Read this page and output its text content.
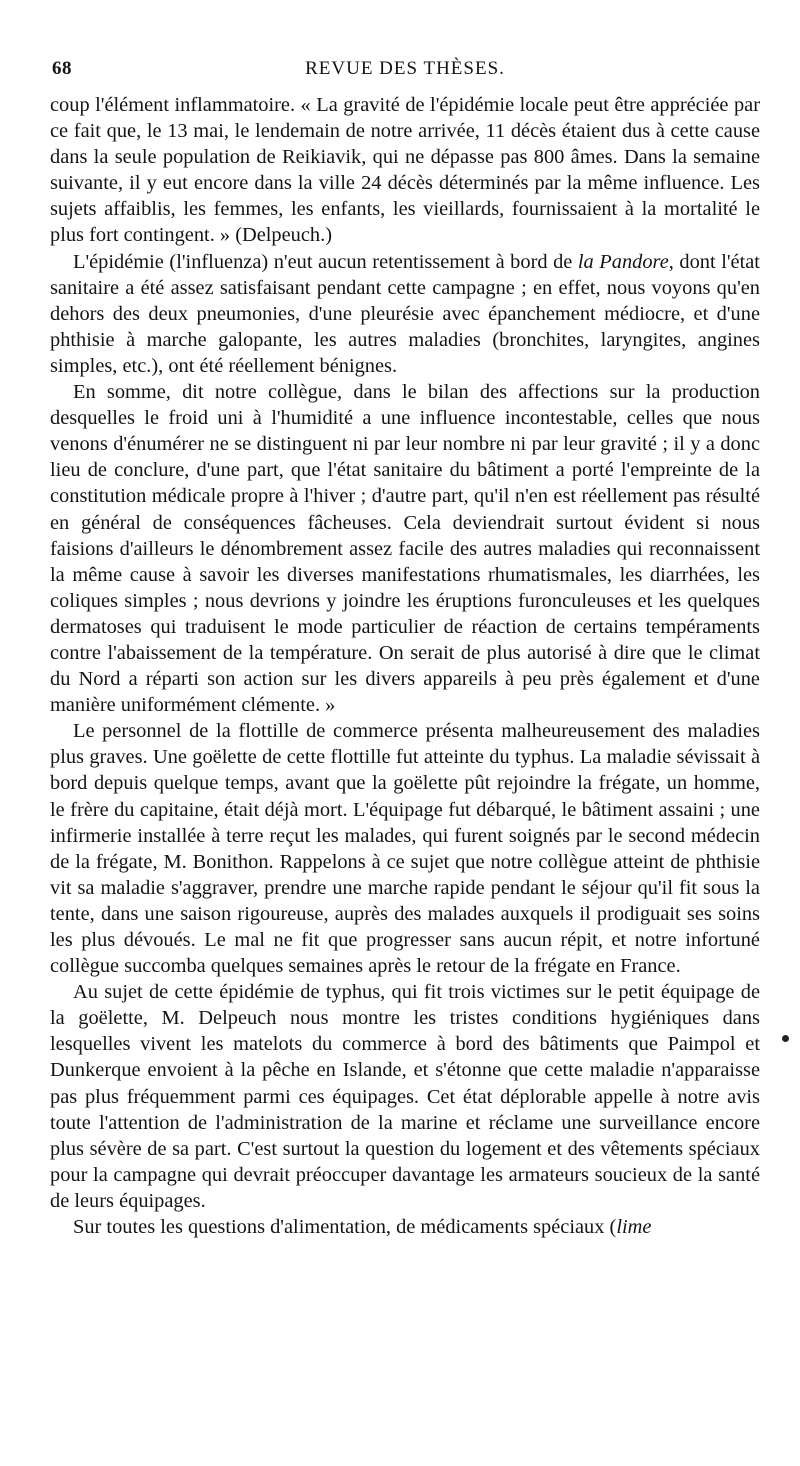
68	REVUE DES THÈSES.

coup l'élément inflammatoire. « La gravité de l'épidémie locale peut être appréciée par ce fait que, le 13 mai, le lendemain de notre arrivée, 11 décès étaient dus à cette cause dans la seule population de Reikiavik, qui ne dépasse pas 800 âmes. Dans la semaine suivante, il y eut encore dans la ville 24 décès déterminés par la même influence. Les sujets affaiblis, les femmes, les enfants, les vieillards, fournissaient à la mortalité le plus fort contingent. » (Delpeuch.)

L'épidémie (l'influenza) n'eut aucun retentissement à bord de la Pandore, dont l'état sanitaire a été assez satisfaisant pendant cette campagne ; en effet, nous voyons qu'en dehors des deux pneumonies, d'une pleurésie avec épanchement médiocre, et d'une phthisie à marche galopante, les autres maladies (bronchites, laryngites, angines simples, etc.), ont été réellement bénignes.

En somme, dit notre collègue, dans le bilan des affections sur la production desquelles le froid uni à l'humidité a une influence incontestable, celles que nous venons d'énumérer ne se distinguent ni par leur nombre ni par leur gravité ; il y a donc lieu de conclure, d'une part, que l'état sanitaire du bâtiment a porté l'empreinte de la constitution médicale propre à l'hiver ; d'autre part, qu'il n'en est réellement pas résulté en général de conséquences fâcheuses. Cela deviendrait surtout évident si nous faisions d'ailleurs le dénombrement assez facile des autres maladies qui reconnaissent la même cause à savoir les diverses manifestations rhumatismales, les diarrhées, les coliques simples ; nous devrions y joindre les éruptions furonculeuses et les quelques dermatoses qui traduisent le mode particulier de réaction de certains tempéraments contre l'abaissement de la température. On serait de plus autorisé à dire que le climat du Nord a réparti son action sur les divers appareils à peu près également et d'une manière uniformément clémente. »

Le personnel de la flottille de commerce présenta malheureusement des maladies plus graves. Une goëlette de cette flottille fut atteinte du typhus. La maladie sévissait à bord depuis quelque temps, avant que la goëlette pût rejoindre la frégate, un homme, le frère du capitaine, était déjà mort. L'équipage fut débarqué, le bâtiment assaini ; une infirmerie installée à terre reçut les malades, qui furent soignés par le second médecin de la frégate, M. Bonithon. Rappelons à ce sujet que notre collègue atteint de phthisie vit sa maladie s'aggraver, prendre une marche rapide pendant le séjour qu'il fit sous la tente, dans une saison rigoureuse, auprès des malades auxquels il prodiguait ses soins les plus dévoués. Le mal ne fit que progresser sans aucun répit, et notre infortuné collègue succomba quelques semaines après le retour de la frégate en France.

Au sujet de cette épidémie de typhus, qui fit trois victimes sur le petit équipage de la goëlette, M. Delpeuch nous montre les tristes conditions hygiéniques dans lesquelles vivent les matelots du commerce à bord des bâtiments que Paimpol et Dunkerque envoient à la pêche en Islande, et s'étonne que cette maladie n'apparaisse pas plus fréquemment parmi ces équipages. Cet état déplorable appelle à notre avis toute l'attention de l'administration de la marine et réclame une surveillance encore plus sévère de sa part. C'est surtout la question du logement et des vêtements spéciaux pour la campagne qui devrait préoccuper davantage les armateurs soucieux de la santé de leurs équipages.

Sur toutes les questions d'alimentation, de médicaments spéciaux (lime
